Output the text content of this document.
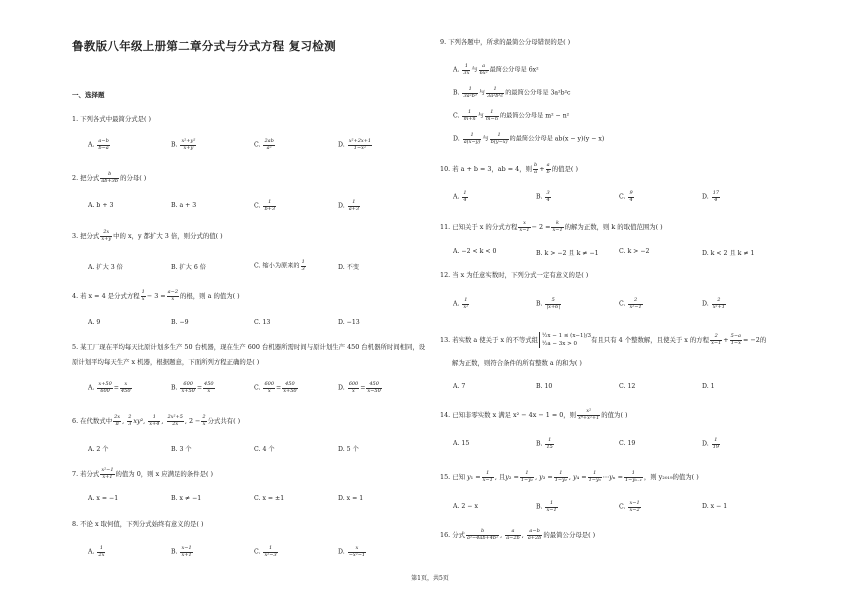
鲁教版八年级上册第二章分式与分式方程 复习检测
一、选择题
1. 下列各式中最简分式是( )
A. $\frac{a-b}{b-a}$	B. $\frac{\text{x²+y²}}{x+y}$	C. $\frac{2ab}{\text{a²}}$	D. $\frac{\text{x²+2x+1}}{\text{1−x²}}$
2. 把分式 $\frac{b}{ab+3b}$ 的分母( )
A. b + 3	B. a + 3	C. $\frac{1}{b+3}$	D. $\frac{1}{a+3}$
3. 把分式 $\frac{2x}{x+y}$ 中的 x，y 都扩大 3 倍，则分式的值( )
A. 扩大 3 倍	B. 扩大 6 倍	C. 缩小为原来的 $\frac{1}{3}$	D. 不变
4. 若 x = 4 是分式方程 $\frac{1}{x} - 3 = \frac{a-2}{x}$ 的根，则 a 的值为( )
A. 9	B. −9	C. 13	D. −13
5. 某工厂现在平均每天比原计划多生产 50 台机器，现在生产 600 台机器所需时间与原计划生产 450 台机器所时间相同，设原计划平均每天生产 x 机器，根据题意，下面所列方程正确的是( )
A. $\frac{x+50}{600} = \frac{x}{450}$	B. $\frac{600}{x+50} = \frac{450}{x}$	C. $\frac{600}{x} = \frac{450}{x+50}$	D. $\frac{600}{x} = \frac{450}{x-50}$
6. 在代数式中 $\frac{2x}{\pi}$ , $\frac{2}{3} xy^2$, $\frac{1}{x+4}$ , $\frac{\text{2x²+5}}{2x}$ , $2 - \frac{2}{x}$ 分式共有( )
A. 2 个	B. 3 个	C. 4 个	D. 5 个
7. 若分式 $\frac{\text{x²−1}}{x+1}$ 的值为 0，则 x 应满足的条件是( )
A. x = −1	B. x ≠ −1	C. x = ±1	D. x = 1
8. 不论 x 取何值，下列分式始终有意义的是( )
A. $\frac{1}{2x}$	B. $\frac{x-1}{x+1}$	C. $\frac{1}{\text{x²−3}}$	D. $\frac{x}{\text{−x²−1}}$
9. 下列各题中，所求的最简公分母错误的是( )
A. $\frac{1}{3x}$ 与 $\frac{a}{\text{6x²}}$ 最简公分母是 6x²
B. $\frac{1}{\text{3a²b³}}$ 与 $\frac{1}{\text{3a²b³c}}$ 的最简公分母是 3a²b²c
C. $\frac{1}{m+n}$ 与 $\frac{1}{m-n}$ 的最简公分母是 m² − n²
D. $\frac{1}{a(x-y)}$ 与 $\frac{1}{b(y-x)}$ 的最简公分母是 ab(x − y)(y − x)
10. 若 a + b = 3，ab = 4，则 $\frac{b}{a} + \frac{a}{b}$ 的值是( )
A. $\frac{1}{4}$	B. $\frac{3}{4}$	C. $\frac{9}{4}$	D. $\frac{17}{4}$
11. 已知关于 x 的分式方程 $\frac{x}{x-1} - 2 = \frac{k}{x-1}$ 的解为正数，则 k 的取值范围为( )
A. −2 < k < 0	B. k > −2 且 k ≠ −1	C. k > −2	D. k < 2 且 k ≠ 1
12. 当 x 为任意实数时，下列分式一定有意义的是( )
A. $\frac{1}{\text{x²}}$	B. $\frac{5}{|x+6|}$	C. $\frac{2}{\text{x²−1}}$	D. $\frac{2}{\text{x²+1}}$
13. 若实数 a 使关于 x 的不等式组 ½x − 1 ≤ (x−1)/3
½a − 3x > 0	有且只有 4 个整数解，且使关于 x 的方程 $\frac{2}{x-1} + \frac{5-a}{1-x} = -2$的
解为正数，则符合条件的所有整数 a 的和为( )
A. 7	B. 10	C. 12	D. 1
14. 已知非零实数 x 满足 x² − 4x − 1 = 0，则 $\frac{\text{x²}}{\text{x⁴+x²+1}}$ 的值为( )
A. 15	B. $\frac{1}{15}$	C. 19	D. $\frac{1}{19}$
15. 已知 $y_1 = \frac{1}{x-1}$ , 且$y_2 = \frac{1}{\text{1−y₁}}$ , $y_3 = \frac{1}{\text{1−y₂}}$ , $y_4 = \frac{1}{\text{1−y₃}}$ ⋯yₙ = $\frac{1}{\text{1−yₙ₋₁}}$ ，则 y₂₀₁₉的值为( )
A. 2 − x	B. $\frac{1}{x-1}$	C. $\frac{x-1}{x-2}$	D. x − 1
16. 分式 $\frac{b}{\text{a²−4ab+4b²}}$ , $\frac{a}{a-2b}$ , $\frac{a-b}{a+2b}$ 的最简公分母是( )
第1页，共5页
